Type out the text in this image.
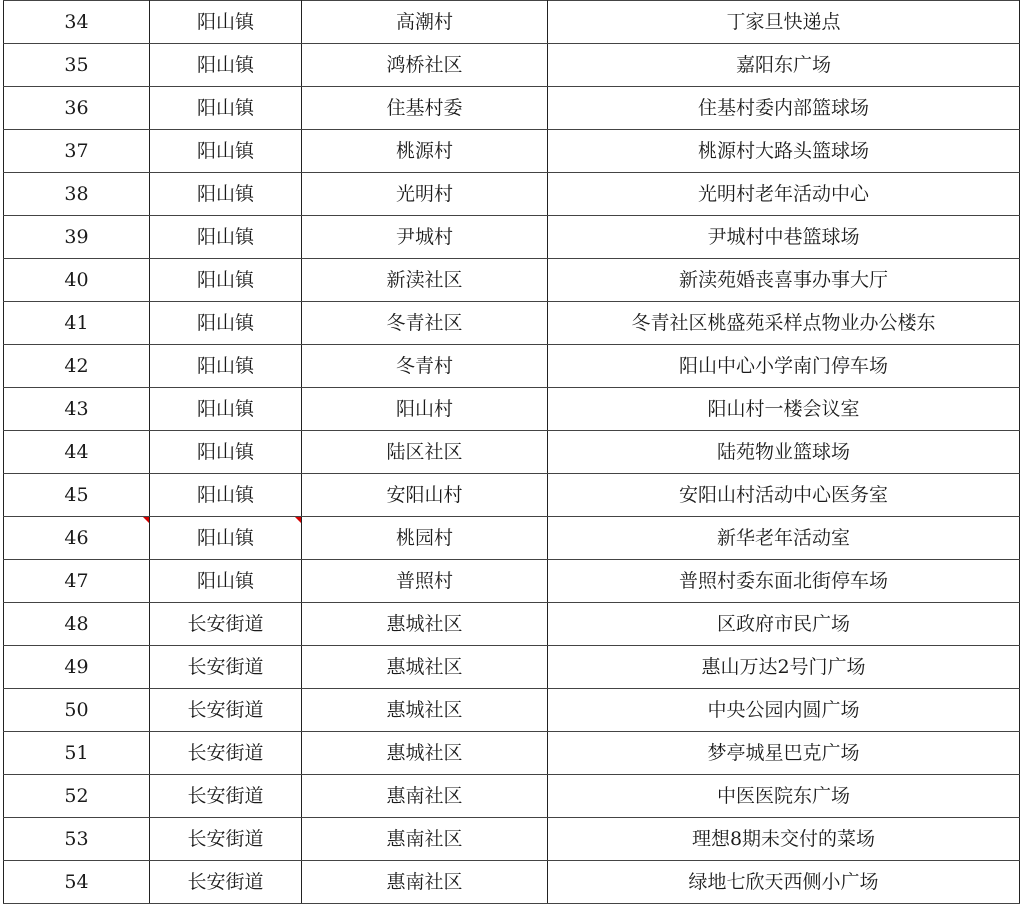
34	阳山镇	高潮村	丁家旦快递点
35	阳山镇	鸿桥社区	嘉阳东广场
36	阳山镇	住基村委	住基村委内部篮球场
37	阳山镇	桃源村	桃源村大路头篮球场
38	阳山镇	光明村	光明村老年活动中心
39	阳山镇	尹城村	尹城村中巷篮球场
40	阳山镇	新渎社区	新渎苑婚丧喜事办事大厅
41	阳山镇	冬青社区	冬青社区桃盛苑采样点物业办公楼东
42	阳山镇	冬青村	阳山中心小学南门停车场
43	阳山镇	阳山村	阳山村一楼会议室
44	阳山镇	陆区社区	陆苑物业篮球场
45	阳山镇	安阳山村	安阳山村活动中心医务室
46	阳山镇	桃园村	新华老年活动室
47	阳山镇	普照村	普照村委东面北街停车场
48	长安街道	惠城社区	区政府市民广场
49	长安街道	惠城社区	惠山万达2号门广场
50	长安街道	惠城社区	中央公园内圆广场
51	长安街道	惠城社区	梦亭城星巴克广场
52	长安街道	惠南社区	中医医院东广场
53	长安街道	惠南社区	理想8期未交付的菜场
54	长安街道	惠南社区	绿地七欣天西侧小广场
